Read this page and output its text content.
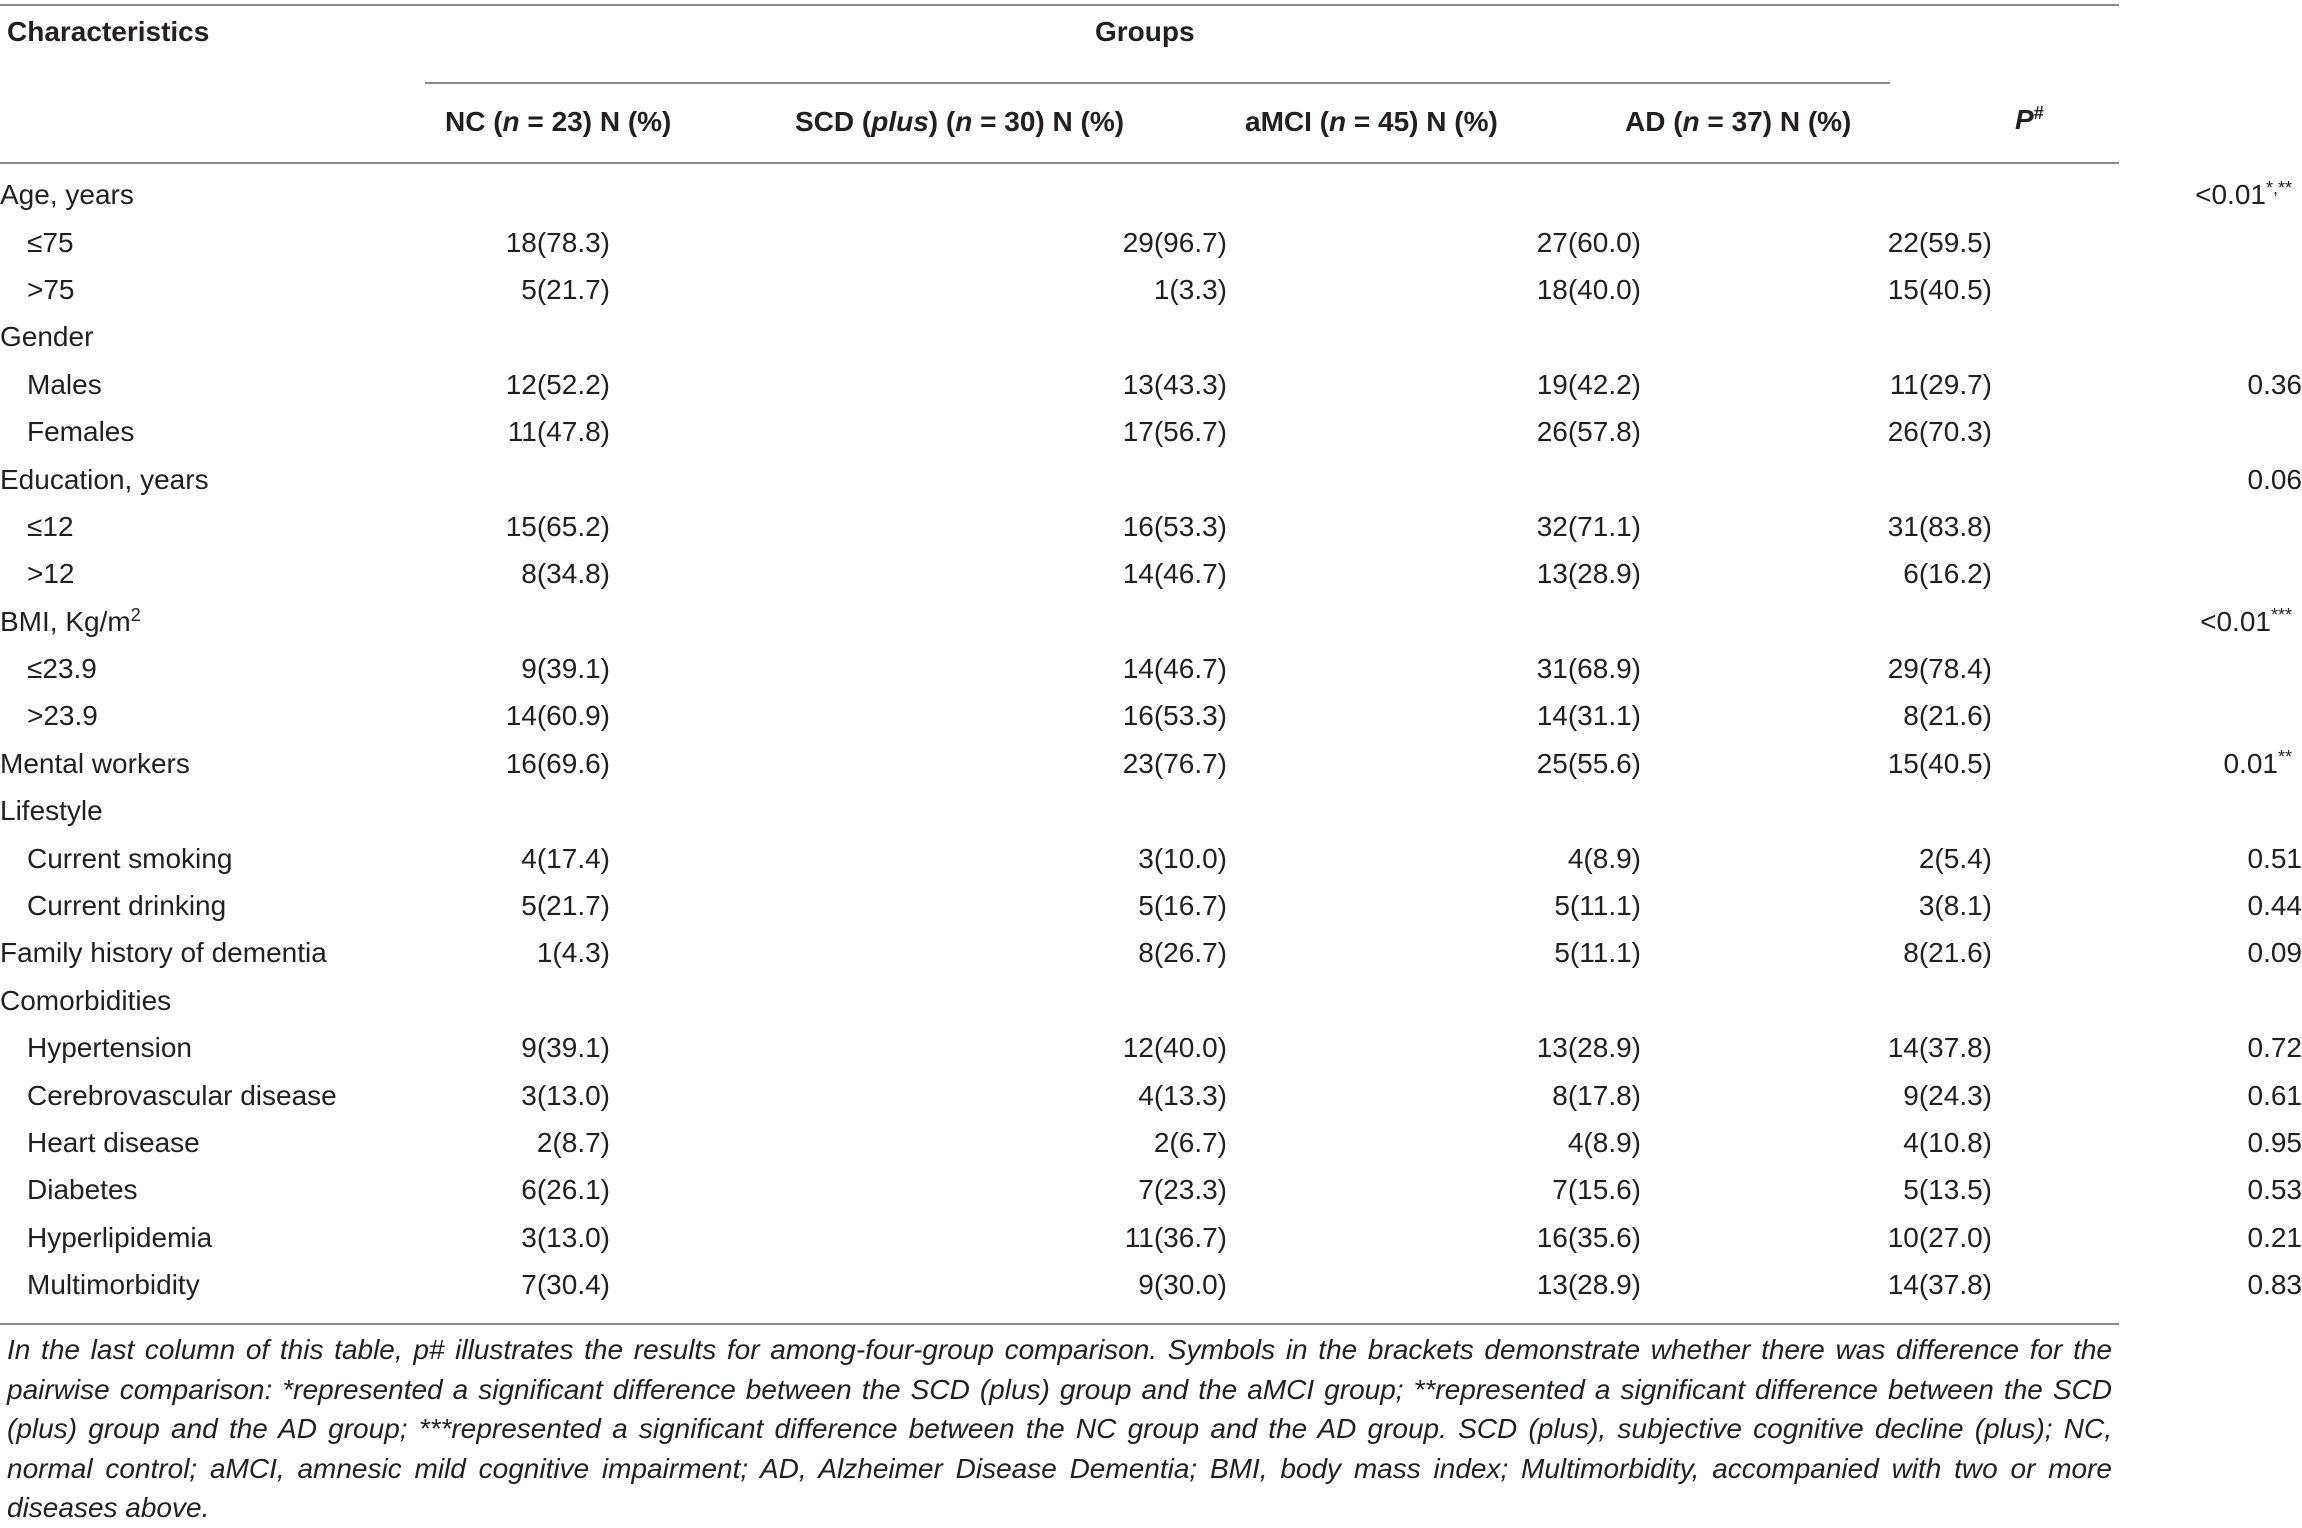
Characteristics	Groups
NC (n = 23) N (%)	SCD (plus) (n = 30) N (%)	aMCI (n = 45) N (%)	AD (n = 37) N (%)	P#
Age, years					<0.01*,**
≤75	18(78.3)	29(96.7)	27(60.0)	22(59.5)	
>75	5(21.7)	1(3.3)	18(40.0)	15(40.5)	
Gender					
Males	12(52.2)	13(43.3)	19(42.2)	11(29.7)	0.36
Females	11(47.8)	17(56.7)	26(57.8)	26(70.3)	
Education, years					0.06
≤12	15(65.2)	16(53.3)	32(71.1)	31(83.8)	
>12	8(34.8)	14(46.7)	13(28.9)	6(16.2)	
BMI, $Kg/m^2$					<0.01***
≤23.9	9(39.1)	14(46.7)	31(68.9)	29(78.4)	
>23.9	14(60.9)	16(53.3)	14(31.1)	8(21.6)	
Mental workers	16(69.6)	23(76.7)	25(55.6)	15(40.5)	0.01**
Lifestyle					
Current smoking	4(17.4)	3(10.0)	4(8.9)	2(5.4)	0.51
Current drinking	5(21.7)	5(16.7)	5(11.1)	3(8.1)	0.44
Family history of dementia	1(4.3)	8(26.7)	5(11.1)	8(21.6)	0.09
Comorbidities					
Hypertension	9(39.1)	12(40.0)	13(28.9)	14(37.8)	0.72
Cerebrovascular disease	3(13.0)	4(13.3)	8(17.8)	9(24.3)	0.61
Heart disease	2(8.7)	2(6.7)	4(8.9)	4(10.8)	0.95
Diabetes	6(26.1)	7(23.3)	7(15.6)	5(13.5)	0.53
Hyperlipidemia	3(13.0)	11(36.7)	16(35.6)	10(27.0)	0.21
Multimorbidity	7(30.4)	9(30.0)	13(28.9)	14(37.8)	0.83
In the last column of this table, p# illustrates the results for among-four-group comparison. Symbols in the brackets demonstrate whether there was difference for the pairwise comparison: *represented a significant difference between the SCD (plus) group and the aMCI group; **represented a significant difference between the SCD (plus) group and the AD group; ***represented a significant difference between the NC group and the AD group. SCD (plus), subjective cognitive decline (plus); NC, normal control; aMCI, amnesic mild cognitive impairment; AD, Alzheimer Disease Dementia; BMI, body mass index; Multimorbidity, accompanied with two or more diseases above.
